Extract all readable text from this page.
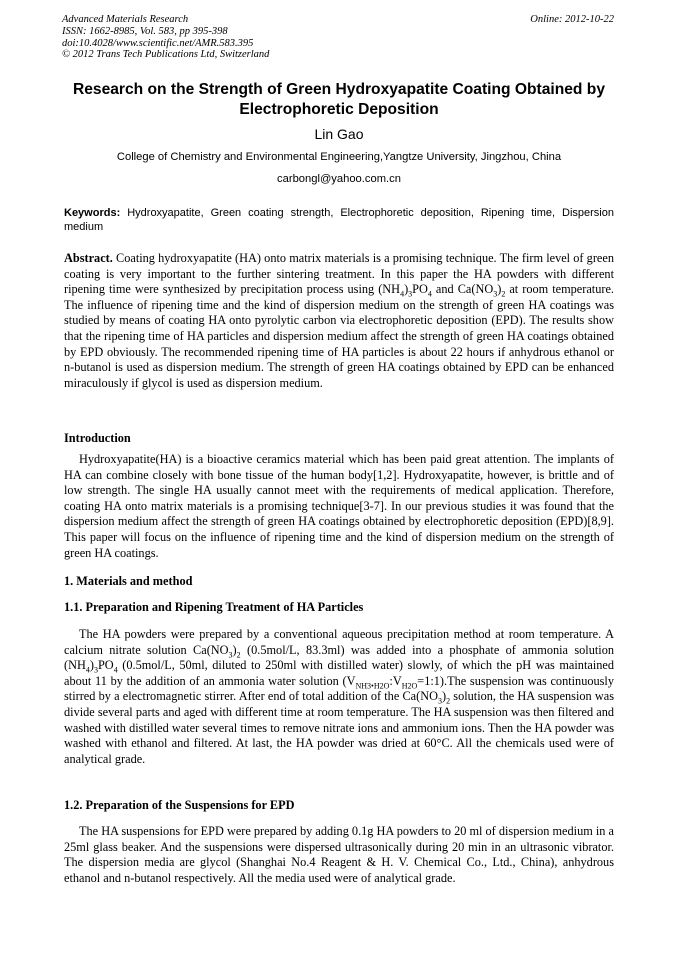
Advanced Materials Research
ISSN: 1662-8985, Vol. 583, pp 395-398
doi:10.4028/www.scientific.net/AMR.583.395
© 2012 Trans Tech Publications Ltd, Switzerland
Online: 2012-10-22
Research on the Strength of Green Hydroxyapatite Coating Obtained by Electrophoretic Deposition
Lin Gao
College of Chemistry and Environmental Engineering,Yangtze University, Jingzhou, China
carbongl@yahoo.com.cn
Keywords: Hydroxyapatite, Green coating strength, Electrophoretic deposition, Ripening time, Dispersion medium
Abstract. Coating hydroxyapatite (HA) onto matrix materials is a promising technique. The firm level of green coating is very important to the further sintering treatment. In this paper the HA powders with different ripening time were synthesized by precipitation process using $(NH_4)_3PO_4$ and $Ca(NO_3)_2$ at room temperature. The influence of ripening time and the kind of dispersion medium on the strength of green HA coatings was studied by means of coating HA onto pyrolytic carbon via electrophoretic deposition (EPD). The results show that the ripening time of HA particles and dispersion medium affect the strength of green HA coatings obtained by EPD obviously. The recommended ripening time of HA particles is about 22 hours if anhydrous ethanol or n-butanol is used as dispersion medium. The strength of green HA coatings obtained by EPD can be enhanced miraculously if glycol is used as dispersion medium.
Introduction
Hydroxyapatite(HA) is a bioactive ceramics material which has been paid great attention. The implants of HA can combine closely with bone tissue of the human body[1,2]. Hydroxyapatite, however, is brittle and of low strength. The single HA usually cannot meet with the requirements of medical application. Therefore, coating HA onto matrix materials is a promising technique[3-7]. In our previous studies it was found that the dispersion medium affect the strength of green HA coatings obtained by electrophoretic deposition (EPD)[8,9]. This paper will focus on the influence of ripening time and the kind of dispersion medium on the strength of green HA coatings.
1. Materials and method
1.1. Preparation and Ripening Treatment of HA Particles
The HA powders were prepared by a conventional aqueous precipitation method at room temperature. A calcium nitrate solution $Ca(NO_3)_2$ (0.5mol/L, 83.3ml) was added into a phosphate of ammonia solution $(NH_4)_3PO_4$ (0.5mol/L, 50ml, diluted to 250ml with distilled water) slowly, of which the pH was maintained about 11 by the addition of an ammonia water solution $(V_{NH3•H2O}:V_{H2O}=1:1).The$ suspension was continuously stirred by a electromagnetic stirrer. After end of total addition of the $Ca(NO_3)_2$ solution, the HA suspension was divide several parts and aged with different time at room temperature. The HA suspension was then filtered and washed with distilled water several times to remove nitrate ions and ammonium ions. Then the HA powder was washed with ethanol and filtered. At last, the HA powder was dried at 60°C. All the chemicals used were of analytical grade.
1.2. Preparation of the Suspensions for EPD
The HA suspensions for EPD were prepared by adding 0.1g HA powders to 20 ml of dispersion medium in a 25ml glass beaker. And the suspensions were dispersed ultrasonically during 20 min in an ultrasonic vibrator. The dispersion media are glycol (Shanghai No.4 Reagent & H. V. Chemical Co., Ltd., China), anhydrous ethanol and n-butanol respectively. All the media used were of analytical grade.
